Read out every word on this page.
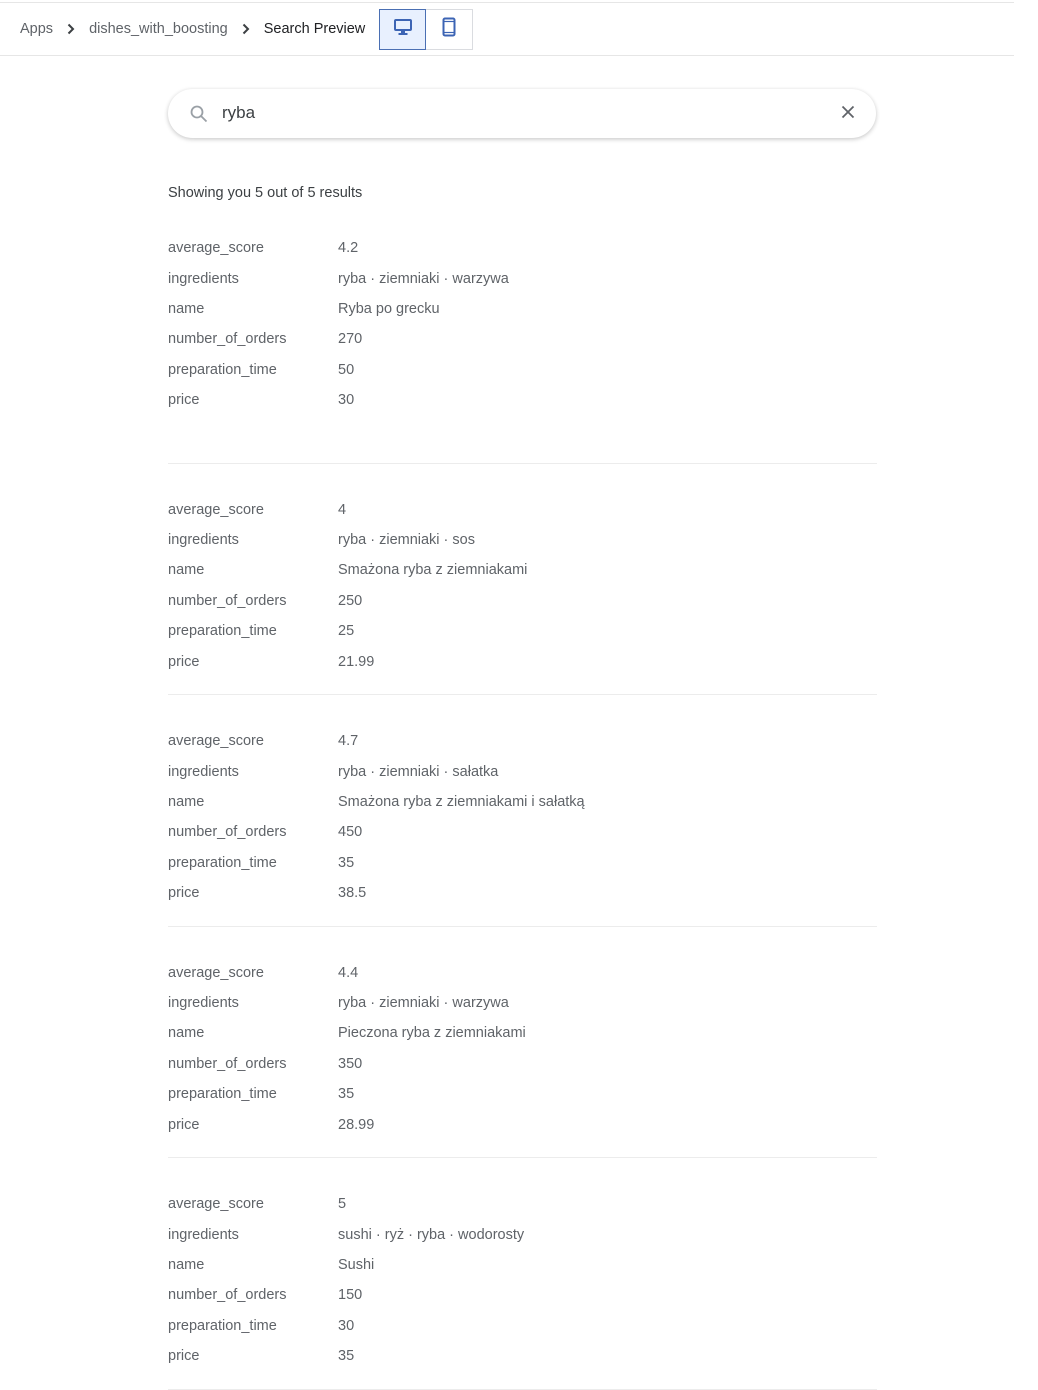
Apps dishes_with_boosting Search Preview
ryba
Showing you 5 out of 5 results
average_score	4.2
ingredients	ryba · ziemniaki · warzywa
name	Ryba po grecku
number_of_orders	270
preparation_time	50
price	30
average_score	4
ingredients	ryba · ziemniaki · sos
name	Smażona ryba z ziemniakami
number_of_orders	250
preparation_time	25
price	21.99
average_score	4.7
ingredients	ryba · ziemniaki · sałatka
name	Smażona ryba z ziemniakami i sałatką
number_of_orders	450
preparation_time	35
price	38.5
average_score	4.4
ingredients	ryba · ziemniaki · warzywa
name	Pieczona ryba z ziemniakami
number_of_orders	350
preparation_time	35
price	28.99
average_score	5
ingredients	sushi · ryż · ryba · wodorosty
name	Sushi
number_of_orders	150
preparation_time	30
price	35
